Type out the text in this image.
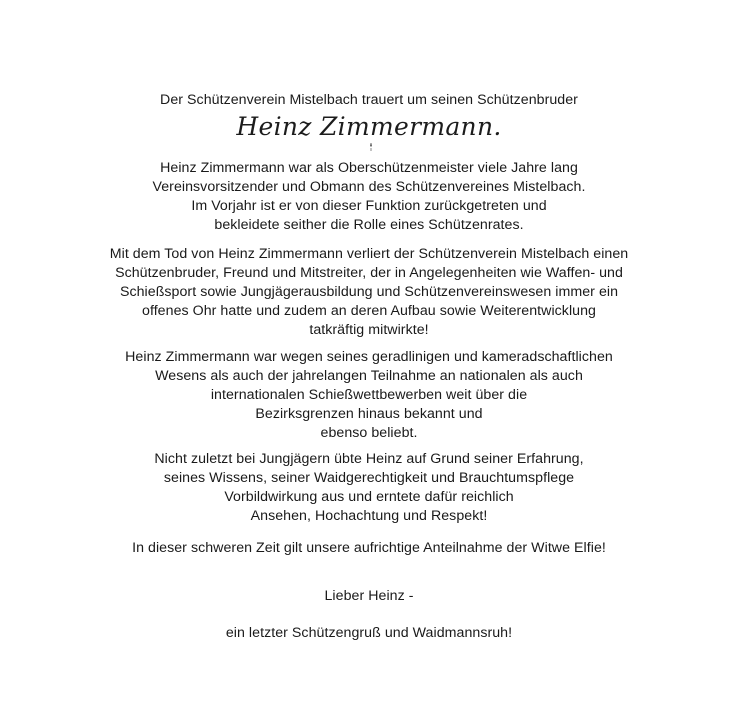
Der Schützenverein Mistelbach trauert um seinen Schützenbruder
Heinz Zimmermann.
Heinz Zimmermann war als Oberschützenmeister viele Jahre lang
Vereinsvorsitzender und Obmann des Schützenvereines Mistelbach.
Im Vorjahr ist er von dieser Funktion zurückgetreten und
bekleidete seither die Rolle eines Schützenrates.
Mit dem Tod von Heinz Zimmermann verliert der Schützenverein Mistelbach einen
Schützenbruder, Freund und Mitstreiter, der in Angelegenheiten wie Waffen- und
Schießsport sowie Jungjägerausbildung und Schützenvereinswesen immer ein
offenes Ohr hatte und zudem an deren Aufbau sowie Weiterentwicklung
tatkräftig mitwirkte!
Heinz Zimmermann war wegen seines geradlinigen und kameradschaftlichen
Wesens als auch der jahrelangen Teilnahme an nationalen als auch
internationalen Schießwettbewerben weit über die
Bezirksgrenzen hinaus bekannt und
ebenso beliebt.
Nicht zuletzt bei Jungjägern übte Heinz auf Grund seiner Erfahrung,
seines Wissens, seiner Waidgerechtigkeit und Brauchtumspflege
Vorbildwirkung aus und erntete dafür reichlich
Ansehen, Hochachtung und Respekt!
In dieser schweren Zeit gilt unsere aufrichtige Anteilnahme der Witwe Elfie!
Lieber Heinz -
ein letzter Schützengruß und Waidmannsruh!
